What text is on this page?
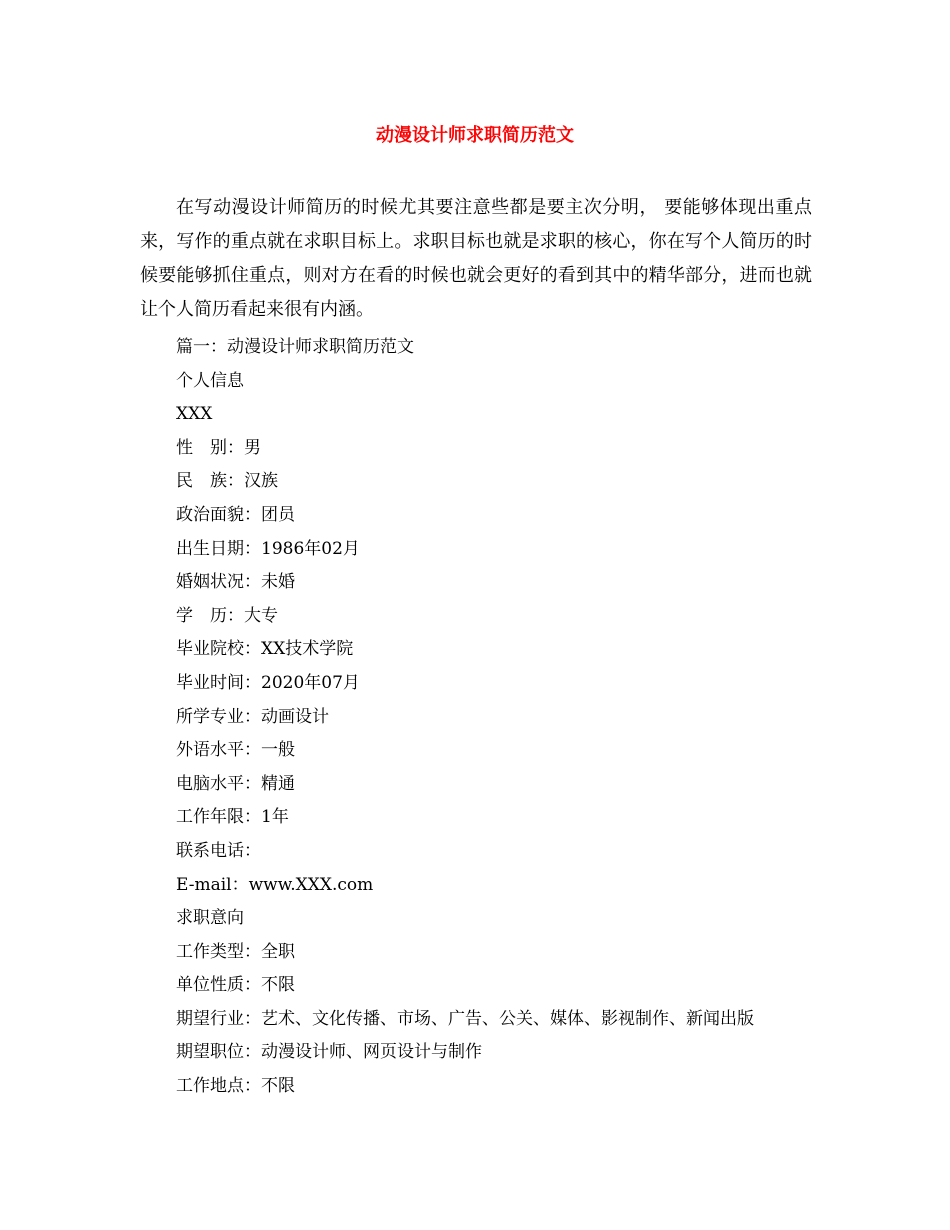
动漫设计师求职简历范文

在写动漫设计师简历的时候尤其要注意些都是要主次分明， 要能够体现出重点来，写作的重点就在求职目标上。求职目标也就是求职的核心，你在写个人简历的时候要能够抓住重点，则对方在看的时候也就会更好的看到其中的精华部分，进而也就让个人简历看起来很有内涵。

篇一：动漫设计师求职简历范文
个人信息
XXX
性　别：男
民　族：汉族
政治面貌：团员
出生日期：1986年02月
婚姻状况：未婚
学　历：大专
毕业院校：XX技术学院
毕业时间：2020年07月
所学专业：动画设计
外语水平：一般
电脑水平：精通
工作年限：1年
联系电话：
E-mail：www.XXX.com
求职意向
工作类型：全职
单位性质：不限
期望行业：艺术、文化传播、市场、广告、公关、媒体、影视制作、新闻出版
期望职位：动漫设计师、网页设计与制作
工作地点：不限
